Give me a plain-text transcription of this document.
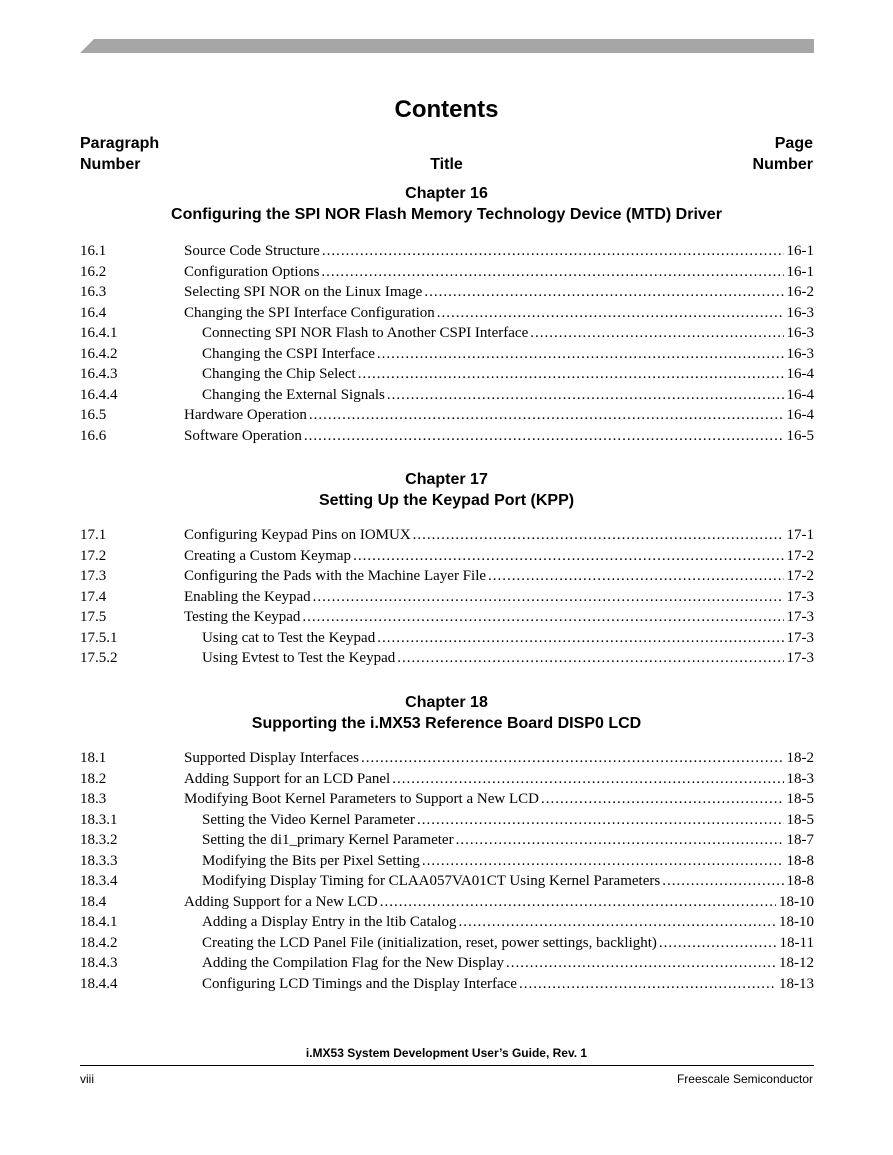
Contents
Paragraph
Number	Title
Page
Number
Chapter 16
Configuring the SPI NOR Flash Memory Technology Device (MTD) Driver
16.1	Source Code Structure .....	16-1
16.2	Configuration Options .....	16-1
16.3	Selecting SPI NOR on the Linux Image .....	16-2
16.4	Changing the SPI Interface Configuration .....	16-3
16.4.1	Connecting SPI NOR Flash to Another CSPI Interface .....	16-3
16.4.2	Changing the CSPI Interface .....	16-3
16.4.3	Changing the Chip Select .....	16-4
16.4.4	Changing the External Signals .....	16-4
16.5	Hardware Operation .....	16-4
16.6	Software Operation .....	16-5
Chapter 17
Setting Up the Keypad Port (KPP)
17.1	Configuring Keypad Pins on IOMUX .....	17-1
17.2	Creating a Custom Keymap .....	17-2
17.3	Configuring the Pads with the Machine Layer File .....	17-2
17.4	Enabling the Keypad .....	17-3
17.5	Testing the Keypad .....	17-3
17.5.1	Using cat to Test the Keypad .....	17-3
17.5.2	Using Evtest to Test the Keypad .....	17-3
Chapter 18
Supporting the i.MX53 Reference Board DISP0 LCD
18.1	Supported Display Interfaces .....	18-2
18.2	Adding Support for an LCD Panel .....	18-3
18.3	Modifying Boot Kernel Parameters to Support a New LCD .....	18-5
18.3.1	Setting the Video Kernel Parameter .....	18-5
18.3.2	Setting the di1_primary Kernel Parameter .....	18-7
18.3.3	Modifying the Bits per Pixel Setting .....	18-8
18.3.4	Modifying Display Timing for CLAA057VA01CT Using Kernel Parameters .....	18-8
18.4	Adding Support for a New LCD .....	18-10
18.4.1	Adding a Display Entry in the ltib Catalog .....	18-10
18.4.2	Creating the LCD Panel File (initialization, reset, power settings, backlight) .....	18-11
18.4.3	Adding the Compilation Flag for the New Display .....	18-12
18.4.4	Configuring LCD Timings and the Display Interface .....	18-13
i.MX53 System Development User’s Guide, Rev. 1
viii	Freescale Semiconductor
